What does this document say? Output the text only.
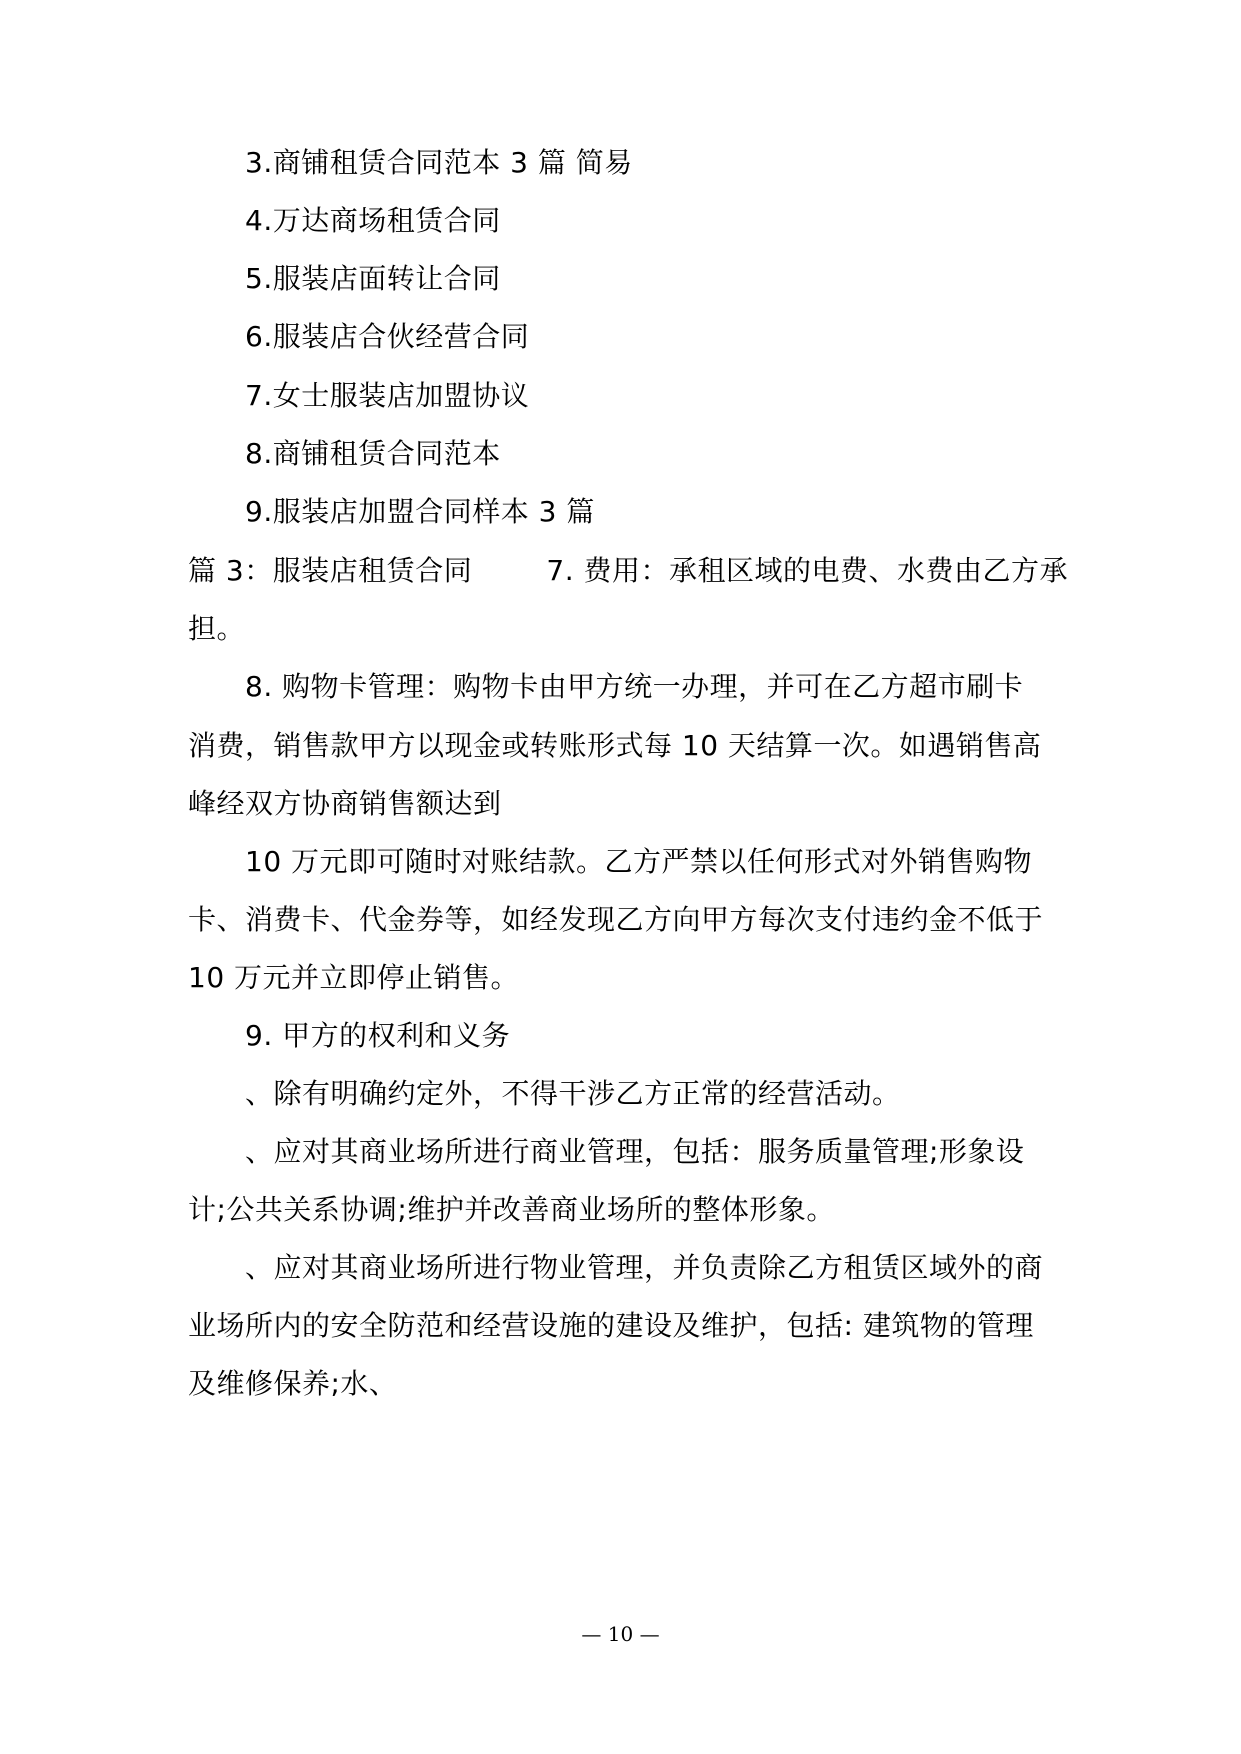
3.商铺租赁合同范本 3 篇 简易
4.万达商场租赁合同
5.服装店面转让合同
6.服装店合伙经营合同
7.女士服装店加盟协议
8.商铺租赁合同范本
9.服装店加盟合同样本 3 篇
篇 3：服装店租赁合同	7. 费用：承租区域的电费、水费由乙方承
担。
8. 购物卡管理：购物卡由甲方统一办理，并可在乙方超市刷卡
消费，销售款甲方以现金或转账形式每 10 天结算一次。如遇销售高
峰经双方协商销售额达到
10 万元即可随时对账结款。乙方严禁以任何形式对外销售购物
卡、消费卡、代金券等，如经发现乙方向甲方每次支付违约金不低于
10 万元并立即停止销售。
9. 甲方的权利和义务
、除有明确约定外，不得干涉乙方正常的经营活动。
、应对其商业场所进行商业管理，包括：服务质量管理;形象设
计;公共关系协调;维护并改善商业场所的整体形象。
、应对其商业场所进行物业管理，并负责除乙方租赁区域外的商
业场所内的安全防范和经营设施的建设及维护，包括: 建筑物的管理
及维修保养;水、
— 10 —
